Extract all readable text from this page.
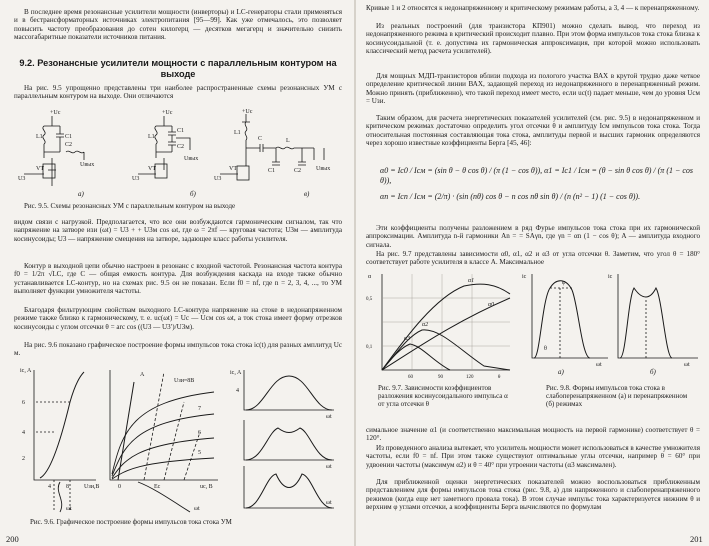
В последнее время резонансные усилители мощности (инверторы) и LC-генераторы стали применяться и в бестрансформаторных источниках электропитания [95—99]. Как уже отмечалось, это позволяет повысить частоту преобразования до сотен килогерц — десятков мегагерц и значительно снизить массогабаритные показатели источников питания.

9.2. Резонансные усилители мощности с параллельным контуром на выходе

На рис. 9.5 упрощенно представлены три наиболее распространенные схемы резонансных УМ с параллельным контуром на выходе. Они отличаются

+Uc
L1	C1
C2
VT
U3
Uвых
а)
+Uc
L1
C1
C2
VT
U3
Uвых
б)
+Uc
L1
C	L
C1	C2
VT
U3
Uвых
в)

Рис. 9.5. Схемы резонансных УМ с параллельным контуром на выходе

видом связи с нагрузкой. Предполагается, что все они возбуждаются гармоническим сигналом, так что напряжение на затворе изи (ωt) = U3 + + U3м cos ωt, где ω = 2πf — круговая частота; U3м — амплитуда косинусоиды; U3 — напряжение смещения на затворе, задающее класс работы усилителя.

Контур в выходной цепи обычно настроен в резонанс с входной частотой. Резонансная частота контура f0 = 1/2π √LC, где C — общая емкость контура. Для возбуждения каскада на входе также обычно устанавливается LC-контур, но на схемах рис. 9.5 он не показан. Если f0 = nf, где n = 2, 3, 4, ..., то УМ выполняет функции умножителя частоты.

Благодаря фильтрующим свойствам выходного LC-контура напряжение на стоке в недонапряженном режиме также близко к гармоническому, т. е. uс(ωt) = Uс — Uсм cos ωt, а ток стока имеет форму отрезков косинусоиды с углом отсечки θ = arc cos ((U3 — U3′)/U3м).

На рис. 9.6 показано графическое построение формы импульсов тока стока iс(t) для разных амплитуд Uс м.

ic, A
6
4
2
Uзи,В
4	8
ωt
Uзи=8В
7
6
5
A
Eс	uс, В
0
ωt
ic, A
4
ωt
ωt
ωt

Рис. 9.6. Графическое построение формы импульсов тока стока УМ

200

Кривые 1 и 2 относятся к недонапряженному и критическому режимам работы, а 3, 4 — к перенапряженному.

Из реальных построений (для транзистора КП901) можно сделать вывод, что переход из недонапряженного режима в критический происходит плавно. При этом форма импульсов тока стока близка к косинусоидальной (т. е. допустима их гармоническая аппроксимация, при которой можно использовать классический метод расчета усилителей).

Для мощных МДП-транзисторов вблизи подхода из пологого участка ВАХ в крутой трудно даже четкое определение критической линии ВАХ, задающей переход из недонапряженного в перенапряженный режим. Можно принять (приближенно), что такой переход имеет место, если uс(t) падает меньше, чем до уровня Uсм = Uзи.

Таким образом, для расчета энергетических показателей усилителей (см. рис. 9.5) в недонапряженном и критическом режимах достаточно определить угол отсечки θ и амплитуду Iсм импульсов тока стока. Тогда относительная постоянная составляющая тока стока, амплитуды первой и высших гармоник определяются через хорошо известные коэффициенты Берга [45, 46]:

α0 = Iс0 / Iсм = (sin θ − θ cos θ) / (π (1 − cos θ)), α1 = Iс1 / Iсм = (θ − sin θ cos θ) / (π (1 − cos θ)),

αn = Iсn / Iсм = (2/π) · (sin (nθ) cos θ − n cos nθ sin θ) / (n (n² − 1) (1 − cos θ)).

Эти коэффициенты получены разложением в ряд Фурье импульсов тока стока при их гармонической аппроксимации. Амплитуда n-й гармоники An = = SAγn, где γn = αn (1 − cos θ); A — амплитуда входного сигнала.

На рис. 9.7 представлены зависимости α0, α1, α2 и α3 от угла отсечки θ. Заметим, что угол θ = 180° соответствует работе усилителя в классе А. Максимальное

α1
α0
α2
α3
α
0,5
0,1
60	90	120	θ
ic	ic
θ
φ
ωt	ωt
а)	б)

Рис. 9.7. Зависимости коэффициентов разложения косинусоидального импульса α от угла отсечки θ

Рис. 9.8. Формы импульсов тока стока в слабоперенапряженном (а) и перенапряженном (б) режимах

симальное значение α1 (и соответственно максимальная мощность на первой гармонике) соответствует θ = 120°.

Из проведенного анализа вытекает, что усилитель мощности может использоваться в качестве умножителя частоты, если f0 = nf. При этом также существуют оптимальные углы отсечки, например θ = 60° при удвоении частоты (максимум α2) и θ = 40° при утроении частоты (α3 максимален).

Для приближенной оценки энергетических показателей можно воспользоваться приближенным представлением для формы импульсов тока стока (рис. 9.8, а) для напряженного и слабоперенапряженного режимов (когда еще нет заметного провала тока). В этом случае импульс тока характеризуется нижним θ и верхним φ углами отсечки, а коэффициенты Берга вычисляются по формулам

201
